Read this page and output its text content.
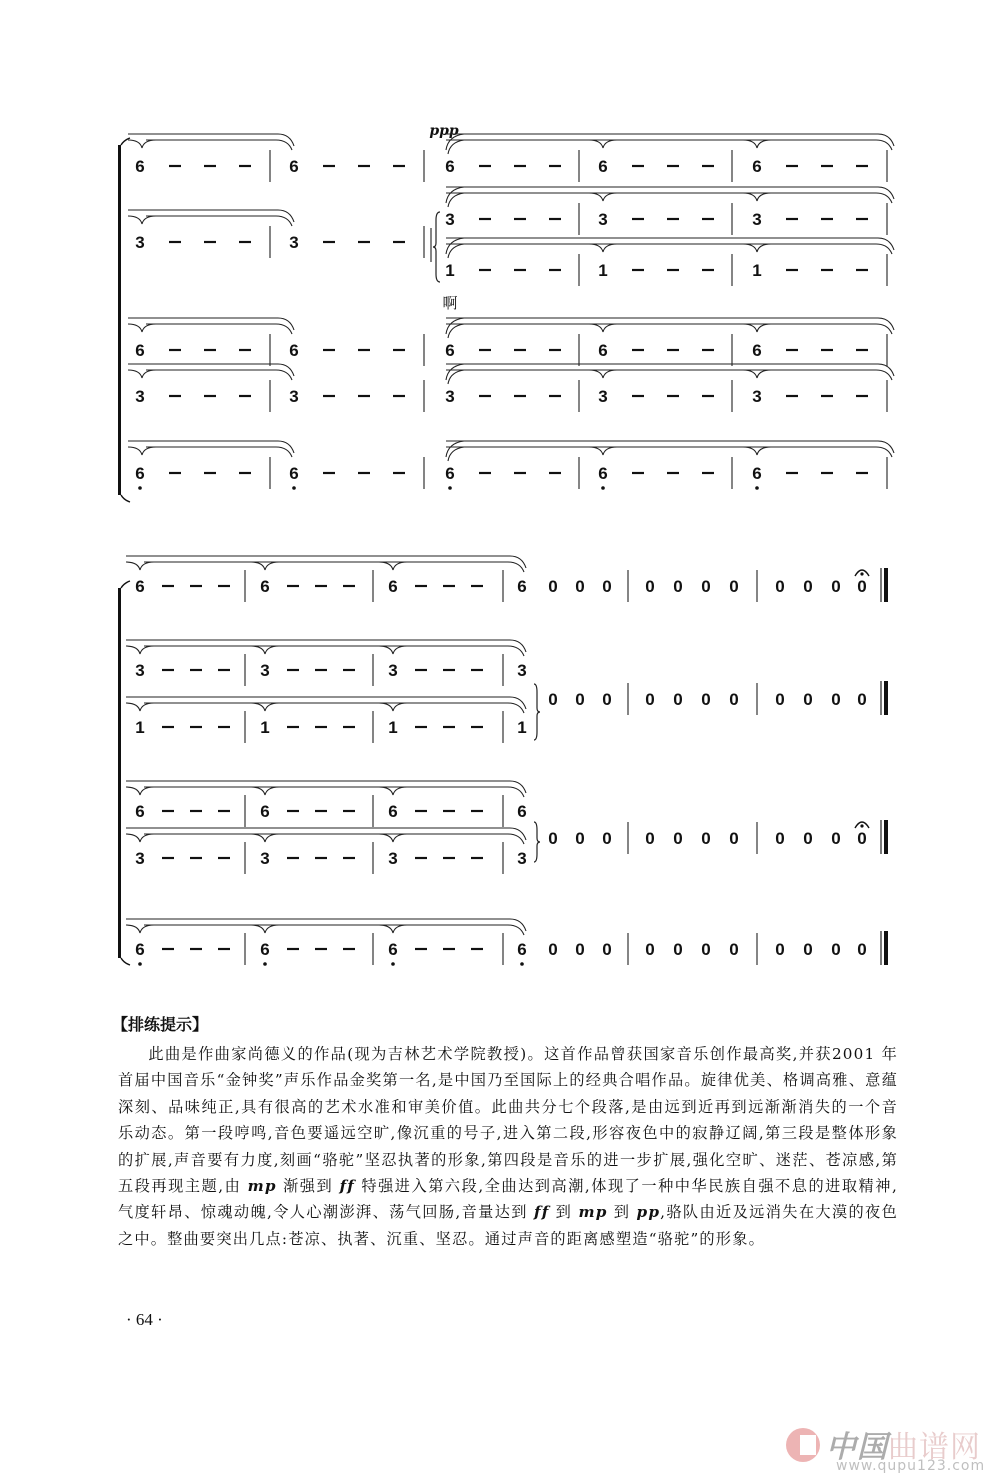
ppp
啊
6	6	6	6	6
3	3
3	3	3
1	1	1
6	6	6	6	6
3	3	3	3	3
6	6	6	6	6
6	6	6	6 0 0 0 0 0 0 0 0 0 0 0
3	3	3	3
0 0 0 0 0 0 0 0 0 0 0
1	1	1	1
6	6	6	6
0 0 0 0 0 0 0 0 0 0 0
3	3	3	3
6	6	6	6 0 0 0 0 0 0 0 0 0 0 0
【排练提示】

此曲是作曲家尚德义的作品(现为吉林艺术学院教授)。这首作品曾获国家音乐创作最高奖,并获2001 年首届中国音乐“金钟奖”声乐作品金奖第一名,是中国乃至国际上的经典合唱作品。旋律优美、格调高雅、意蕴深刻、品味纯正,具有很高的艺术水准和审美价值。此曲共分七个段落,是由远到近再到远渐渐消失的一个音乐动态。第一段哼鸣,音色要遥远空旷,像沉重的号子,进入第二段,形容夜色中的寂静辽阔,第三段是整体形象的扩展,声音要有力度,刻画“骆驼”坚忍执著的形象,第四段是音乐的进一步扩展,强化空旷、迷茫、苍凉感,第五段再现主题,由 mp 渐强到 ff 特强进入第六段,全曲达到高潮,体现了一种中华民族自强不息的进取精神,气度轩昂、惊魂动魄,令人心潮澎湃、荡气回肠,音量达到 ff 到 mp 到 pp,骆队由近及远消失在大漠的夜色之中。整曲要突出几点:苍凉、执著、沉重、坚忍。通过声音的距离感塑造“骆驼”的形象。

· 64 ·
中国曲谱网
www.qupu123.com
